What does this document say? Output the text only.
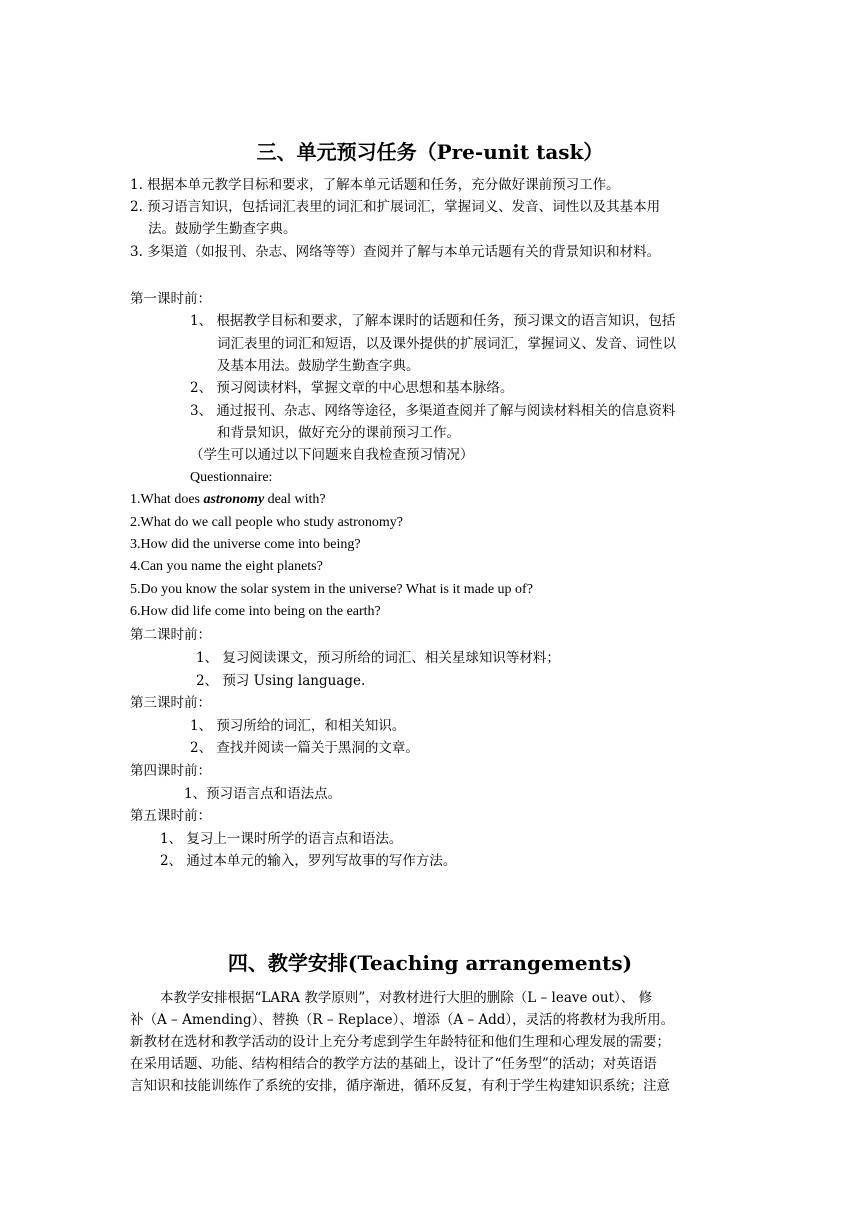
三、单元预习任务（Pre-unit task）
1. 根据本单元教学目标和要求，了解本单元话题和任务，充分做好课前预习工作。
2. 预习语言知识，包括词汇表里的词汇和扩展词汇，掌握词义、发音、词性以及其基本用
法。鼓励学生勤查字典。
3. 多渠道（如报刊、杂志、网络等等）查阅并了解与本单元话题有关的背景知识和材料。
第一课时前：
1、 根据教学目标和要求，了解本课时的话题和任务，预习课文的语言知识，包括
词汇表里的词汇和短语，以及课外提供的扩展词汇，掌握词义、发音、词性以
及基本用法。鼓励学生勤查字典。
2、 预习阅读材料，掌握文章的中心思想和基本脉络。
3、 通过报刊、杂志、网络等途径，多渠道查阅并了解与阅读材料相关的信息资料
和背景知识，做好充分的课前预习工作。
（学生可以通过以下问题来自我检查预习情况）
Questionnaire:
1.What does astronomy deal with?
2.What do we call people who study astronomy?
3.How did the universe come into being?
4.Can you name the eight planets?
5.Do you know the solar system in the universe? What is it made up of?
6.How did life come into being on the earth?
第二课时前：
1、 复习阅读课文，预习所给的词汇、相关星球知识等材料；
2、 预习 Using language.
第三课时前：
1、 预习所给的词汇，和相关知识。
2、 查找并阅读一篇关于黑洞的文章。
第四课时前：
1、预习语言点和语法点。
第五课时前：
1、 复习上一课时所学的语言点和语法。
2、 通过本单元的输入，罗列写故事的写作方法。
四、教学安排(Teaching arrangements)
本教学安排根据“LARA 教学原则”，对教材进行大胆的删除（L – leave out）、 修
补（A – Amending）、替换（R – Replace）、增添（A – Add），灵活的将教材为我所用。
新教材在选材和教学活动的设计上充分考虑到学生年龄特征和他们生理和心理发展的需要；
在采用话题、功能、结构相结合的教学方法的基础上，设计了“任务型”的活动；对英语语
言知识和技能训练作了系统的安排，循序渐进，循环反复，有利于学生构建知识系统；注意
